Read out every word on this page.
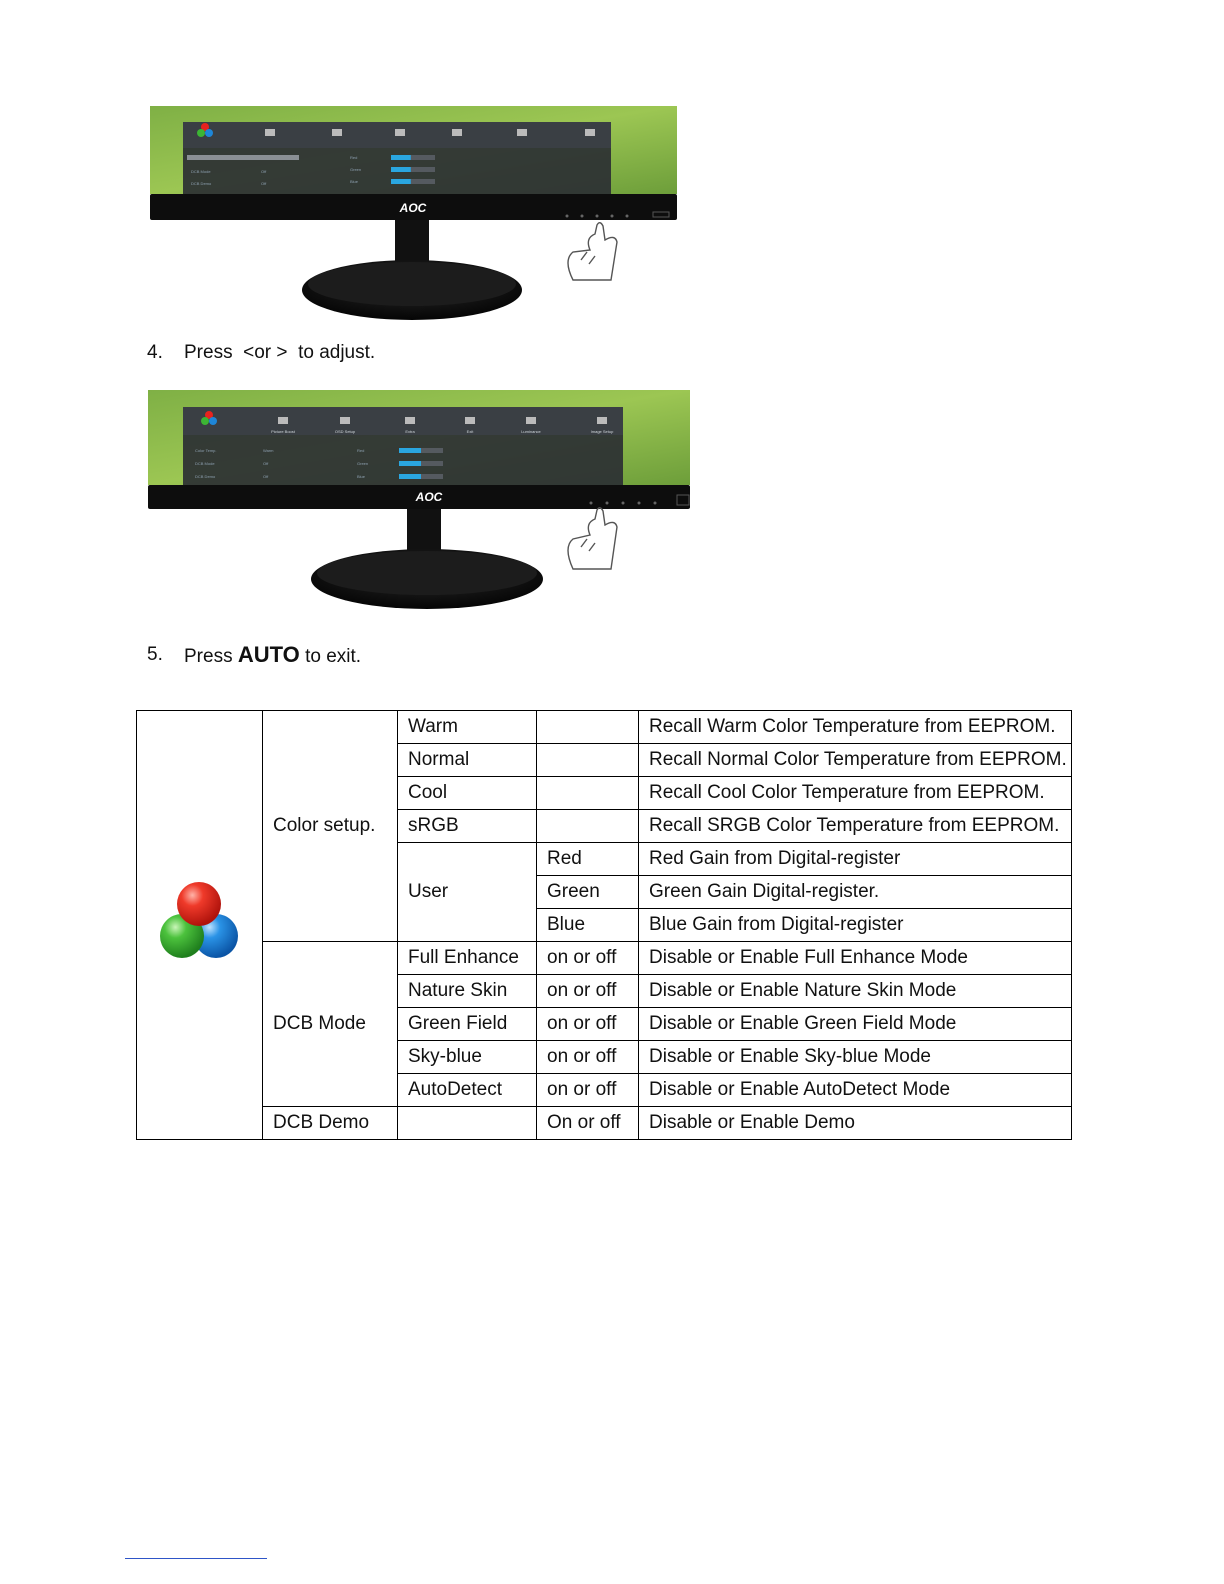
Red
Green
Blue
DCB Mode	Off
DCB Demo	Off
AOC
4. Press <or > to adjust.
Picture Boost	OSD Setup	Extra	Exit	Luminance	Image Setup
Red
Green
Blue
Color Temp.	Warm
DCB Mode	Off
DCB Demo	Off
AOC
5. Press AUTO to exit.
	Color setup.	Warm		Recall Warm Color Temperature from EEPROM.
		Normal		Recall Normal Color Temperature from EEPROM.
		Cool		Recall Cool Color Temperature from EEPROM.
		sRGB		Recall SRGB Color Temperature from EEPROM.
		User	Red	Red Gain from Digital-register
			Green	Green Gain Digital-register.
			Blue	Blue Gain from Digital-register
	DCB Mode	Full Enhance	on or off	Disable or Enable Full Enhance Mode
		Nature Skin	on or off	Disable or Enable Nature Skin Mode
		Green Field	on or off	Disable or Enable Green Field Mode
		Sky-blue	on or off	Disable or Enable Sky-blue Mode
		AutoDetect	on or off	Disable or Enable AutoDetect Mode
	DCB Demo		On or off	Disable or Enable Demo
